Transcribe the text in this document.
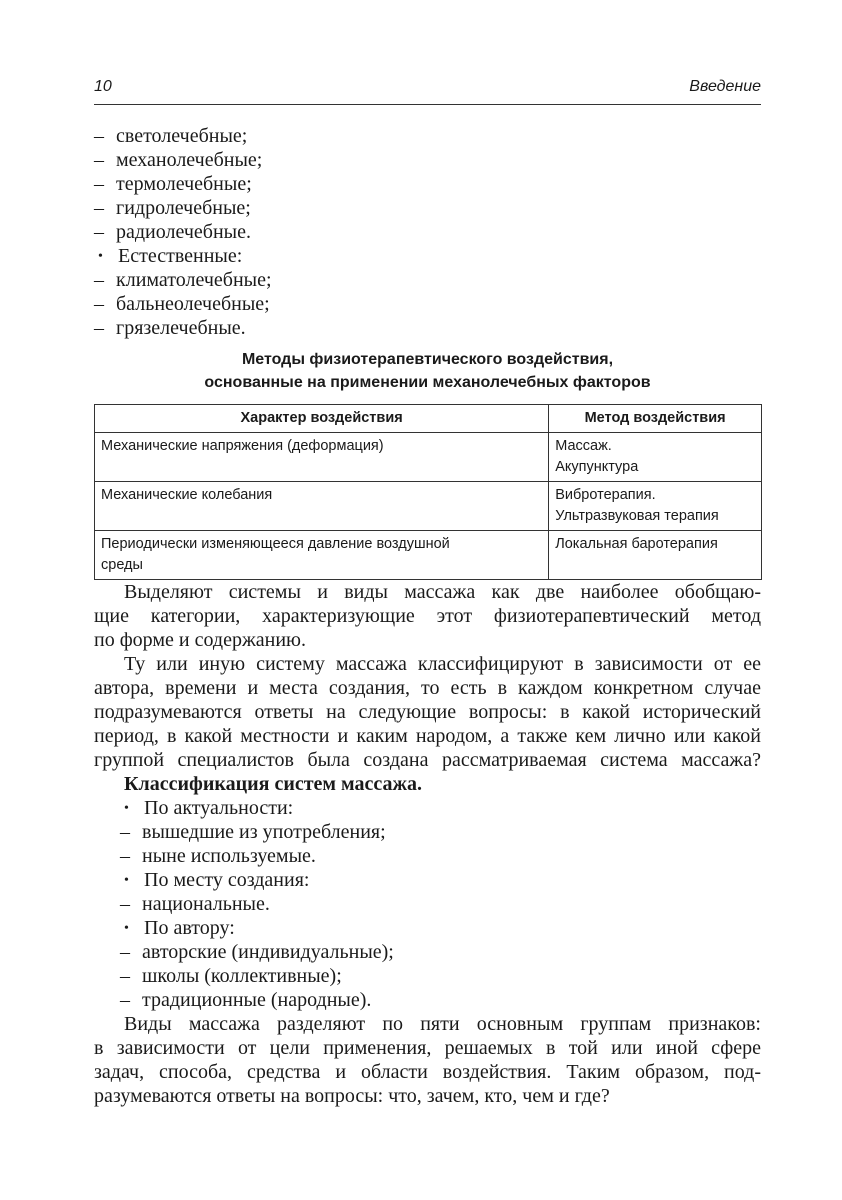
10	Введение
– светолечебные;
– механолечебные;
– термолечебные;
– гидролечебные;
– радиолечебные.
• Естественные:
– климатолечебные;
– бальнеолечебные;
– грязелечебные.
Методы физиотерапевтического воздействия,
основанные на применении механолечебных факторов
Характер воздействия	Метод воздействия

Механические напряжения (деформация)	Массаж.
Акупунктура

Механические колебания	Вибротерапия.
Ультразвуковая терапия

Периодически изменяющееся давление воздушной
среды	Локальная баротерапия
Выделяют системы и виды массажа как две наиболее обобщаю-
щие категории, характеризующие этот физиотерапевтический метод
по форме и содержанию.
Ту или иную систему массажа классифицируют в зависимости от ее
автора, времени и места создания, то есть в каждом конкретном случае
подразумеваются ответы на следующие вопросы: в какой исторический
период, в какой местности и каким народом, а также кем лично или какой
группой специалистов была создана рассматриваемая система массажа?
Классификация систем массажа.
• По актуальности:
– вышедшие из употребления;
– ныне используемые.
• По месту создания:
– национальные.
• По автору:
– авторские (индивидуальные);
– школы (коллективные);
– традиционные (народные).
Виды массажа разделяют по пяти основным группам признаков:
в зависимости от цели применения, решаемых в той или иной сфере
задач, способа, средства и области воздействия. Таким образом, под-
разумеваются ответы на вопросы: что, зачем, кто, чем и где?
